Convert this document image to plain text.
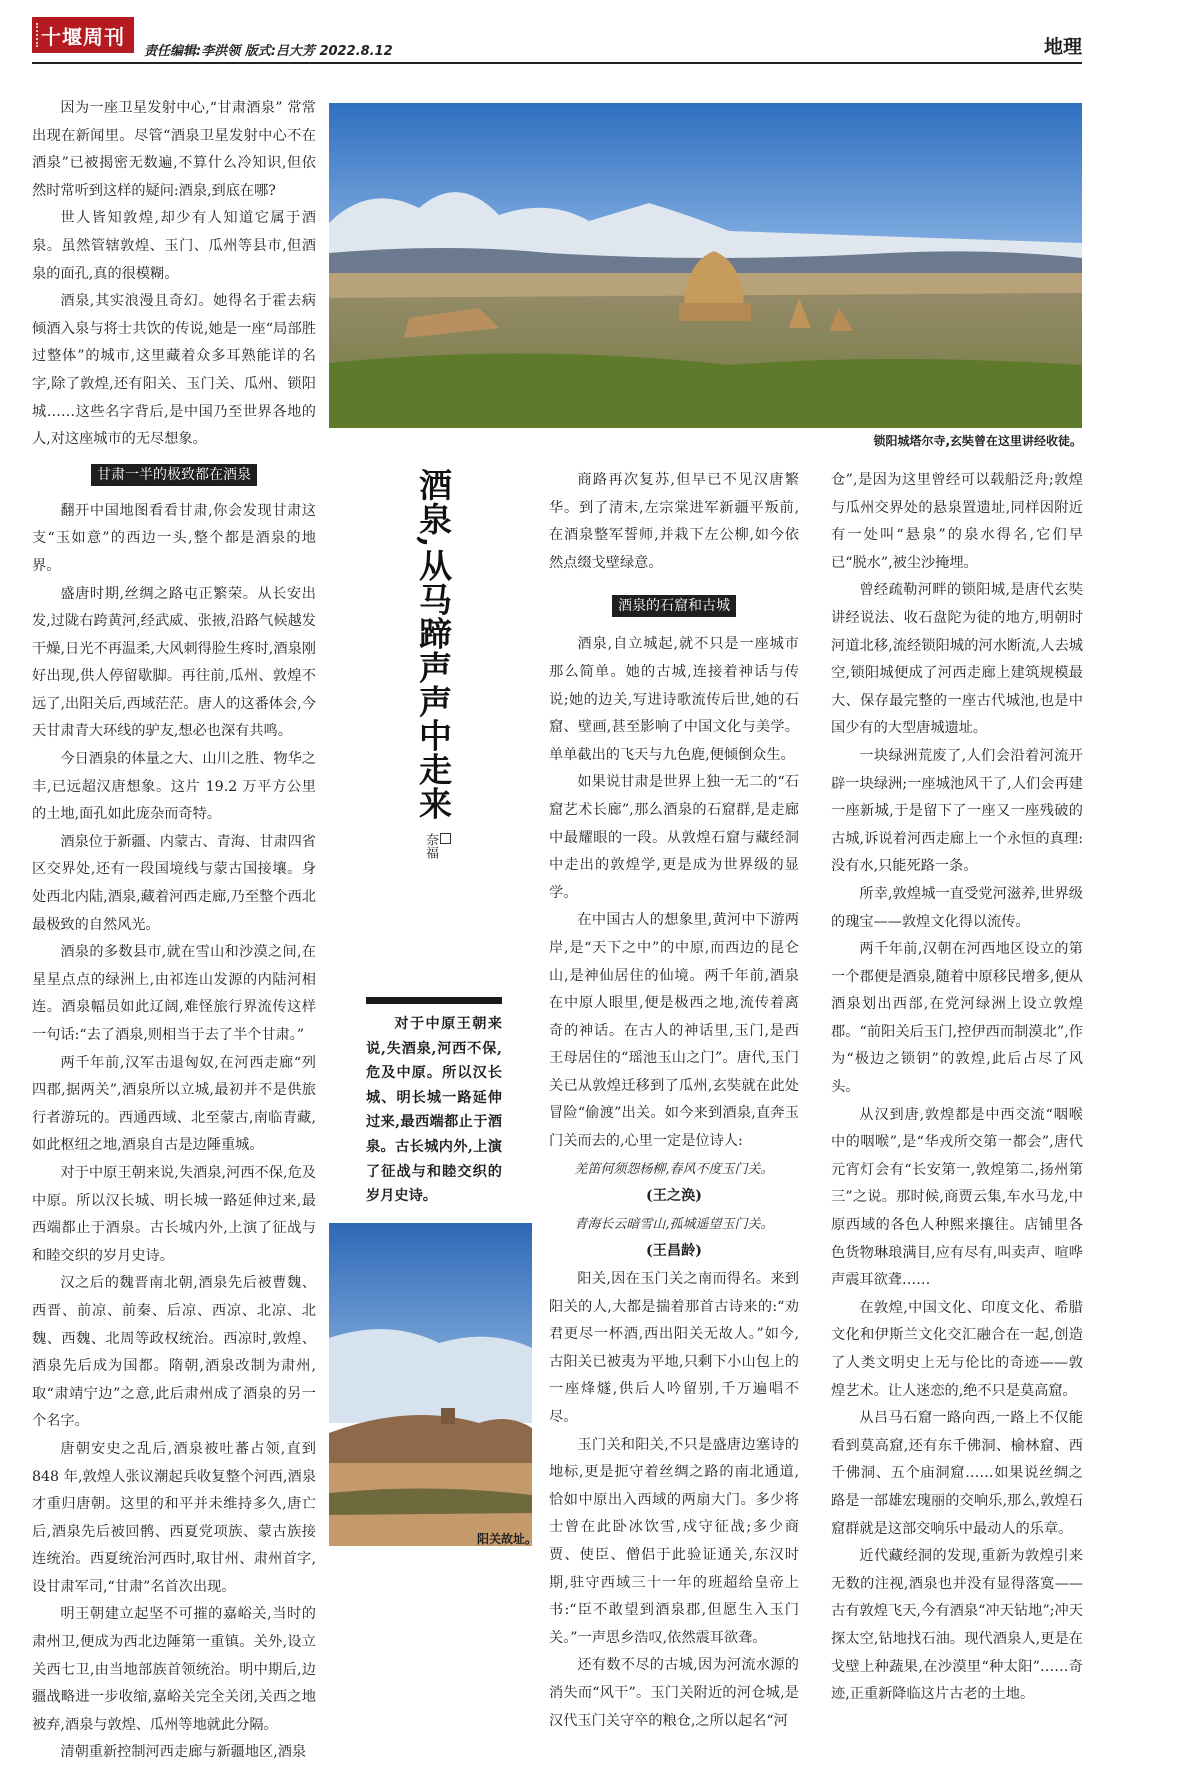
十堰周刊
责任编辑:李洪领 版式:吕大芳 2022.8.12	地理

因为一座卫星发射中心,“甘肃酒泉” 常常出现在新闻里。尽管“酒泉卫星发射中心不在酒泉”已被揭密无数遍,不算什么冷知识,但依然时常听到这样的疑问:酒泉,到底在哪?

世人皆知敦煌,却少有人知道它属于酒泉。虽然管辖敦煌、玉门、瓜州等县市,但酒泉的面孔,真的很模糊。

酒泉,其实浪漫且奇幻。她得名于霍去病倾酒入泉与将士共饮的传说,她是一座“局部胜过整体”的城市,这里藏着众多耳熟能详的名字,除了敦煌,还有阳关、玉门关、瓜州、锁阳城……这些名字背后,是中国乃至世界各地的人,对这座城市的无尽想象。

甘肃一半的极致都在酒泉

翻开中国地图看看甘肃,你会发现甘肃这支“玉如意”的西边一头,整个都是酒泉的地界。

盛唐时期,丝绸之路屯正繁荣。从长安出发,过陇右跨黄河,经武威、张掖,沿路气候越发干燥,日光不再温柔,大风刺得脸生疼时,酒泉刚好出现,供人停留歇脚。再往前,瓜州、敦煌不远了,出阳关后,西域茫茫。唐人的这番体会,今天甘肃青大环线的驴友,想必也深有共鸣。

今日酒泉的体量之大、山川之胜、物华之丰,已远超汉唐想象。这片 19.2 万平方公里的土地,面孔如此庞杂而奇特。

酒泉位于新疆、内蒙古、青海、甘肃四省区交界处,还有一段国境线与蒙古国接壤。身处西北内陆,酒泉,藏着河西走廊,乃至整个西北最极致的自然风光。

酒泉的多数县市,就在雪山和沙漠之间,在星星点点的绿洲上,由祁连山发源的内陆河相连。酒泉幅员如此辽阔,难怪旅行界流传这样一句话:“去了酒泉,则相当于去了半个甘肃。”

两千年前,汉军击退匈奴,在河西走廊“列四郡,据两关”,酒泉所以立城,最初并不是供旅行者游玩的。西通西域、北至蒙古,南临青藏,如此枢纽之地,酒泉自古是边陲重城。

对于中原王朝来说,失酒泉,河西不保,危及中原。所以汉长城、明长城一路延伸过来,最西端都止于酒泉。古长城内外,上演了征战与和睦交织的岁月史诗。

汉之后的魏晋南北朝,酒泉先后被曹魏、西晋、前凉、前秦、后凉、西凉、北凉、北魏、西魏、北周等政权统治。西凉时,敦煌、酒泉先后成为国都。隋朝,酒泉改制为肃州,取“肃靖宁边”之意,此后肃州成了酒泉的另一个名字。

唐朝安史之乱后,酒泉被吐蕃占领,直到848 年,敦煌人张议潮起兵收复整个河西,酒泉才重归唐朝。这里的和平并未维持多久,唐亡后,酒泉先后被回鹘、西夏党项族、蒙古族接连统治。西夏统治河西时,取甘州、肃州首字,设甘肃军司,“甘肃”名首次出现。

明王朝建立起坚不可摧的嘉峪关,当时的肃州卫,便成为西北边陲第一重镇。关外,设立关西七卫,由当地部族首领统治。明中期后,边疆战略进一步收缩,嘉峪关完全关闭,关西之地被弃,酒泉与敦煌、瓜州等地就此分隔。

清朝重新控制河西走廊与新疆地区,酒泉

锁阳城塔尔寺,玄奘曾在这里讲经收徒。
酒泉,从马蹄声声中走来
奈福

对于中原王朝来说,失酒泉,河西不保,危及中原。所以汉长城、明长城一路延伸过来,最西端都止于酒泉。古长城内外,上演了征战与和睦交织的岁月史诗。

阳关故址。

商路再次复苏,但早已不见汉唐繁华。到了清末,左宗棠进军新疆平叛前,在酒泉整军誓师,并栽下左公柳,如今依然点缀戈壁绿意。

酒泉的石窟和古城

酒泉,自立城起,就不只是一座城市那么简单。她的古城,连接着神话与传说;她的边关,写进诗歌流传后世,她的石窟、壁画,甚至影响了中国文化与美学。单单截出的飞天与九色鹿,便倾倒众生。

如果说甘肃是世界上独一无二的“石窟艺术长廊”,那么酒泉的石窟群,是走廊中最耀眼的一段。从敦煌石窟与藏经洞中走出的敦煌学,更是成为世界级的显学。

在中国古人的想象里,黄河中下游两岸,是“天下之中”的中原,而西边的昆仑山,是神仙居住的仙境。两千年前,酒泉在中原人眼里,便是极西之地,流传着离奇的神话。在古人的神话里,玉门,是西王母居住的“瑶池玉山之门”。唐代,玉门关已从敦煌迁移到了瓜州,玄奘就在此处冒险“偷渡”出关。如今来到酒泉,直奔玉门关而去的,心里一定是位诗人:

羌笛何须怨杨柳,春风不度玉门关。

(王之涣)

青海长云暗雪山,孤城遥望玉门关。

(王昌龄)

阳关,因在玉门关之南而得名。来到阳关的人,大都是揣着那首古诗来的:“劝君更尽一杯酒,西出阳关无故人。”如今,古阳关已被夷为平地,只剩下小山包上的一座烽燧,供后人吟留别,千万遍唱不尽。

玉门关和阳关,不只是盛唐边塞诗的地标,更是扼守着丝绸之路的南北通道,恰如中原出入西域的两扇大门。多少将士曾在此卧冰饮雪,戍守征战;多少商贾、使臣、僧侣于此验证通关,东汉时期,驻守西域三十一年的班超给皇帝上书:“臣不敢望到酒泉郡,但愿生入玉门关。”一声思乡浩叹,依然震耳欲聋。

还有数不尽的古城,因为河流水源的消失而“风干”。玉门关附近的河仓城,是汉代玉门关守卒的粮仓,之所以起名“河

仓”,是因为这里曾经可以载船泛舟;敦煌与瓜州交界处的悬泉置遗址,同样因附近有一处叫“悬泉”的泉水得名,它们早已“脱水”,被尘沙掩埋。

曾经疏勒河畔的锁阳城,是唐代玄奘讲经说法、收石盘陀为徒的地方,明朝时河道北移,流经锁阳城的河水断流,人去城空,锁阳城便成了河西走廊上建筑规模最大、保存最完整的一座古代城池,也是中国少有的大型唐城遗址。

一块绿洲荒废了,人们会沿着河流开辟一块绿洲;一座城池风干了,人们会再建一座新城,于是留下了一座又一座残破的古城,诉说着河西走廊上一个永恒的真理:没有水,只能死路一条。

所幸,敦煌城一直受党河滋养,世界级的瑰宝——敦煌文化得以流传。

两千年前,汉朝在河西地区设立的第一个郡便是酒泉,随着中原移民增多,便从酒泉划出西部,在党河绿洲上设立敦煌郡。“前阳关后玉门,控伊西而制漠北”,作为“极边之锁钥”的敦煌,此后占尽了风头。

从汉到唐,敦煌都是中西交流“咽喉中的咽喉”,是“华戎所交第一都会”,唐代元宵灯会有“长安第一,敦煌第二,扬州第三”之说。那时候,商贾云集,车水马龙,中原西域的各色人种熙来攘往。店铺里各色货物琳琅满目,应有尽有,叫卖声、喧哗声震耳欲聋……

在敦煌,中国文化、印度文化、希腊文化和伊斯兰文化交汇融合在一起,创造了人类文明史上无与伦比的奇迹——敦煌艺术。让人迷恋的,绝不只是莫高窟。

从吕马石窟一路向西,一路上不仅能看到莫高窟,还有东千佛洞、榆林窟、西千佛洞、五个庙洞窟……如果说丝绸之路是一部雄宏瑰丽的交响乐,那么,敦煌石窟群就是这部交响乐中最动人的乐章。

近代藏经洞的发现,重新为敦煌引来无数的注视,酒泉也并没有显得落寞——古有敦煌飞天,今有酒泉“冲天钻地”;冲天探太空,钻地找石油。现代酒泉人,更是在戈壁上种蔬果,在沙漠里“种太阳”……奇迹,正重新降临这片古老的土地。
